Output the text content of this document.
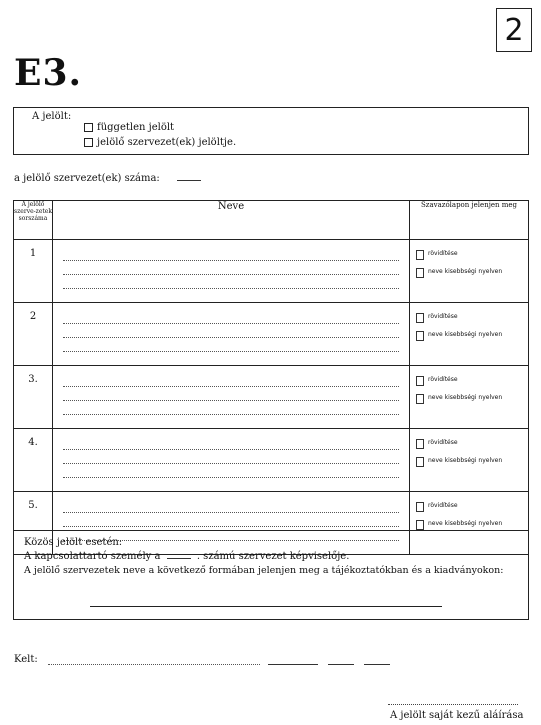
2
E3.
A jelölt:
független jelölt
jelölő szervezet(ek) jelöltje.
a jelölő szervezet(ek) száma:
A jelölő szerve-zetek sorszáma	Neve	Szavazólapon jelenjen meg
1		rövidítése
neve kisebbségi nyelven

2		rövidítése
neve kisebbségi nyelven

3.		rövidítése
neve kisebbségi nyelven

4.		rövidítése
neve kisebbségi nyelven

5.		rövidítése
neve kisebbségi nyelven
Közös jelölt esetén:
A kapcsolattartó személy a	. számú szervezet képviselője.
A jelölő szervezetek neve a következő formában jelenjen meg a tájékoztatókban és a kiadványokon:
Kelt:
A jelölt saját kezű aláírása
